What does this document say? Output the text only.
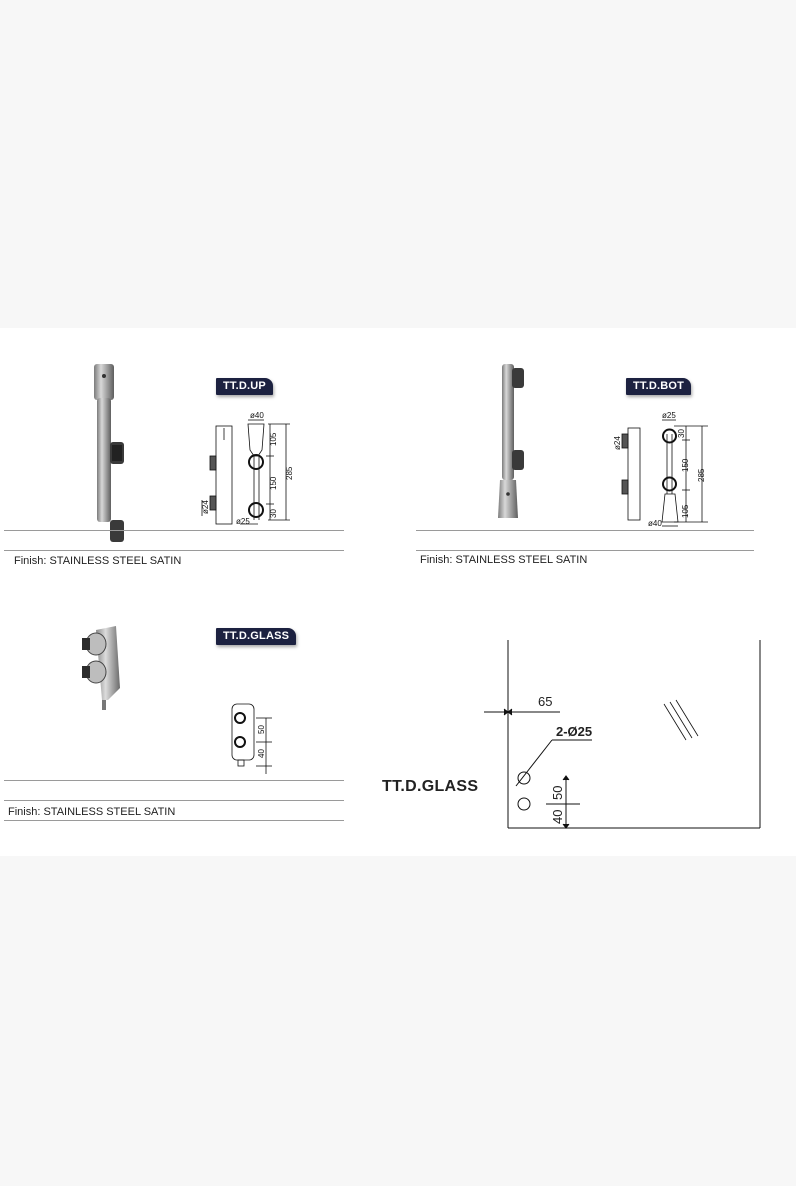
TT.D.UP
ø40
105
150
30
285
ø24
ø25
Finish: STAINLESS STEEL SATIN
TT.D.BOT
ø25
30
150
105
285
ø24
ø40
Finish: STAINLESS STEEL SATIN
TT.D.GLASS
50
40
Finish: STAINLESS STEEL SATIN
TT.D.GLASS
65
2-Ø25
50
40
